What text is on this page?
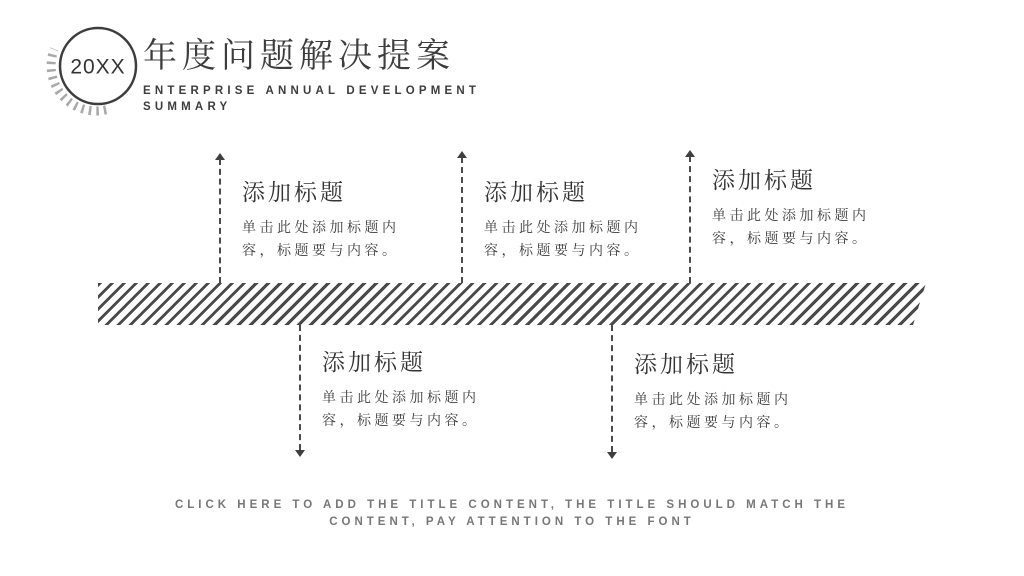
20XX 年度问题解决提案
ENTERPRISE ANNUAL DEVELOPMENT SUMMARY
添加标题
单击此处添加标题内容，标题要与内容。
添加标题
单击此处添加标题内容，标题要与内容。
添加标题
单击此处添加标题内容，标题要与内容。
添加标题
单击此处添加标题内容，标题要与内容。
添加标题
单击此处添加标题内容，标题要与内容。
CLICK HERE TO ADD THE TITLE CONTENT, THE TITLE SHOULD MATCH THE CONTENT, PAY ATTENTION TO THE FONT
